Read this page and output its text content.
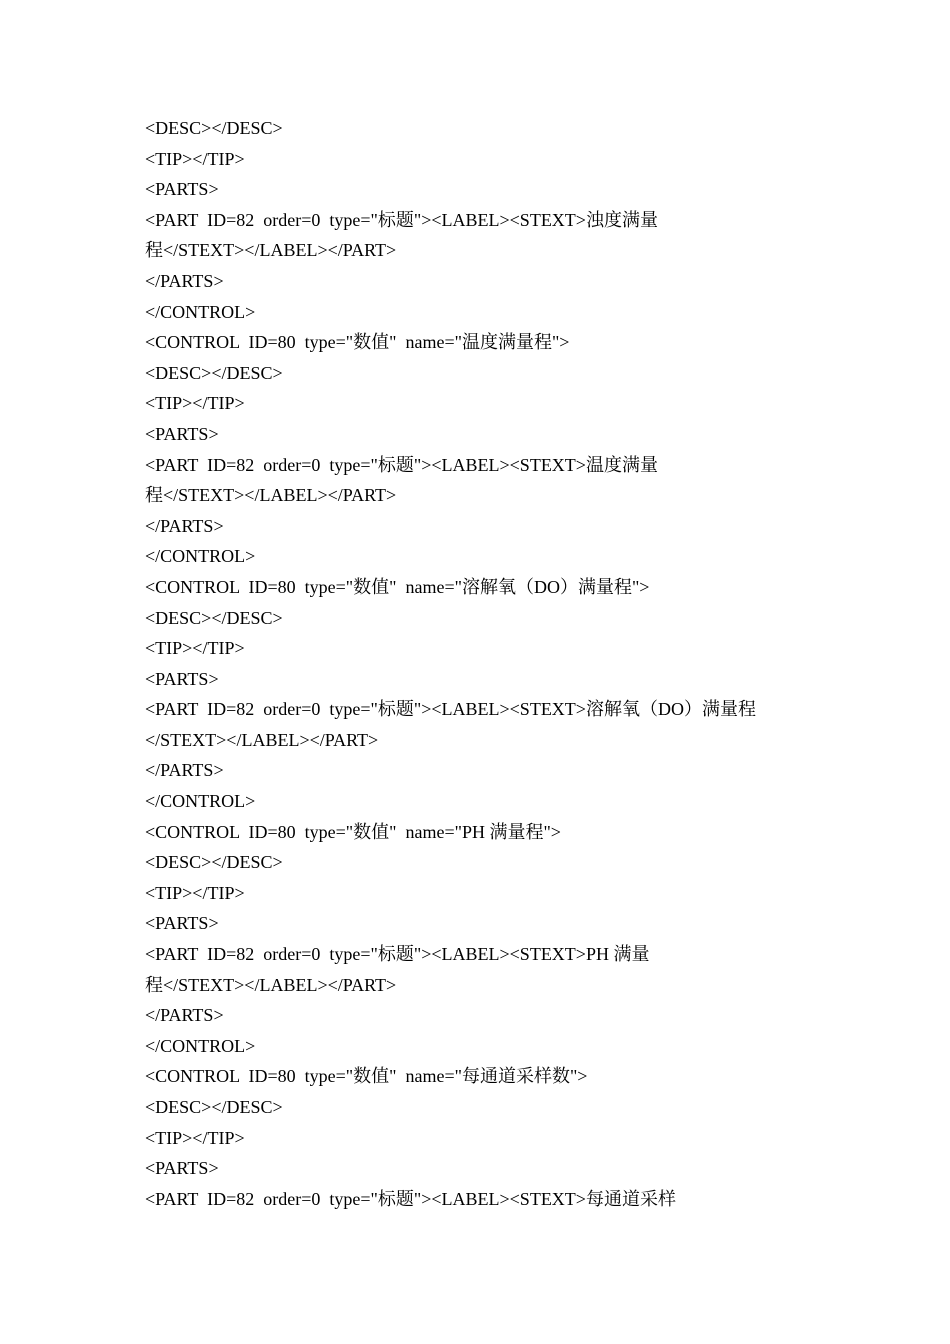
<DESC></DESC>
<TIP></TIP>
<PARTS>
<PART  ID=82  order=0  type="标题"><LABEL><STEXT>浊度满量
程</STEXT></LABEL></PART>
</PARTS>
</CONTROL>
<CONTROL  ID=80  type="数值"  name="温度满量程">
<DESC></DESC>
<TIP></TIP>
<PARTS>
<PART  ID=82  order=0  type="标题"><LABEL><STEXT>温度满量
程</STEXT></LABEL></PART>
</PARTS>
</CONTROL>
<CONTROL  ID=80  type="数值"  name="溶解氧（DO）满量程">
<DESC></DESC>
<TIP></TIP>
<PARTS>
<PART  ID=82  order=0  type="标题"><LABEL><STEXT>溶解氧（DO）满量程
</STEXT></LABEL></PART>
</PARTS>
</CONTROL>
<CONTROL  ID=80  type="数值"  name="PH 满量程">
<DESC></DESC>
<TIP></TIP>
<PARTS>
<PART  ID=82  order=0  type="标题"><LABEL><STEXT>PH 满量
程</STEXT></LABEL></PART>
</PARTS>
</CONTROL>
<CONTROL  ID=80  type="数值"  name="每通道采样数">
<DESC></DESC>
<TIP></TIP>
<PARTS>
<PART  ID=82  order=0  type="标题"><LABEL><STEXT>每通道采样
